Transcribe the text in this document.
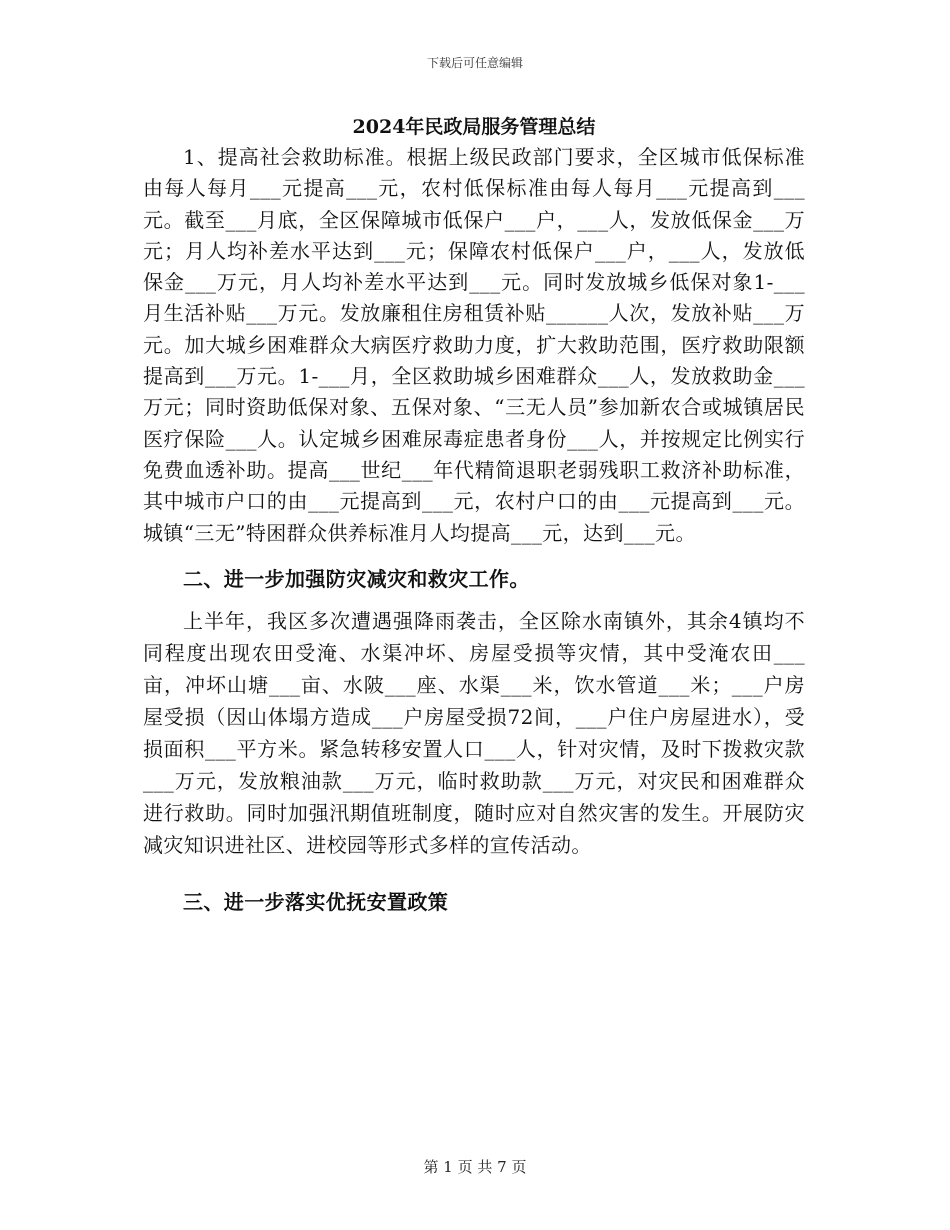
下载后可任意编辑
2024年民政局服务管理总结

1、提高社会救助标准。根据上级民政部门要求，全区城市低保标准由每人每月___元提高___元，农村低保标准由每人每月___元提高到___元。截至___月底，全区保障城市低保户___户，___人，发放低保金___万元；月人均补差水平达到___元；保障农村低保户___户，___人，发放低保金___万元，月人均补差水平达到___元。同时发放城乡低保对象1-___月生活补贴___万元。发放廉租住房租赁补贴______人次，发放补贴___万元。加大城乡困难群众大病医疗救助力度，扩大救助范围，医疗救助限额提高到___万元。1-___月，全区救助城乡困难群众___人，发放救助金___万元；同时资助低保对象、五保对象、“三无人员”参加新农合或城镇居民医疗保险___人。认定城乡困难尿毒症患者身份___人，并按规定比例实行免费血透补助。提高___世纪___年代精简退职老弱残职工救济补助标准，其中城市户口的由___元提高到___元，农村户口的由___元提高到___元。城镇“三无”特困群众供养标准月人均提高___元，达到___元。

二、进一步加强防灾减灾和救灾工作。

上半年，我区多次遭遇强降雨袭击，全区除水南镇外，其余4镇均不同程度出现农田受淹、水渠冲坏、房屋受损等灾情，其中受淹农田___亩，冲坏山塘___亩、水陂___座、水渠___米，饮水管道___米；___户房屋受损（因山体塌方造成___户房屋受损72间，___户住户房屋进水），受损面积___平方米。紧急转移安置人口___人，针对灾情，及时下拨救灾款___万元，发放粮油款___万元，临时救助款___万元，对灾民和困难群众进行救助。同时加强汛期值班制度，随时应对自然灾害的发生。开展防灾减灾知识进社区、进校园等形式多样的宣传活动。

三、进一步落实优抚安置政策

第 1 页 共 7 页
